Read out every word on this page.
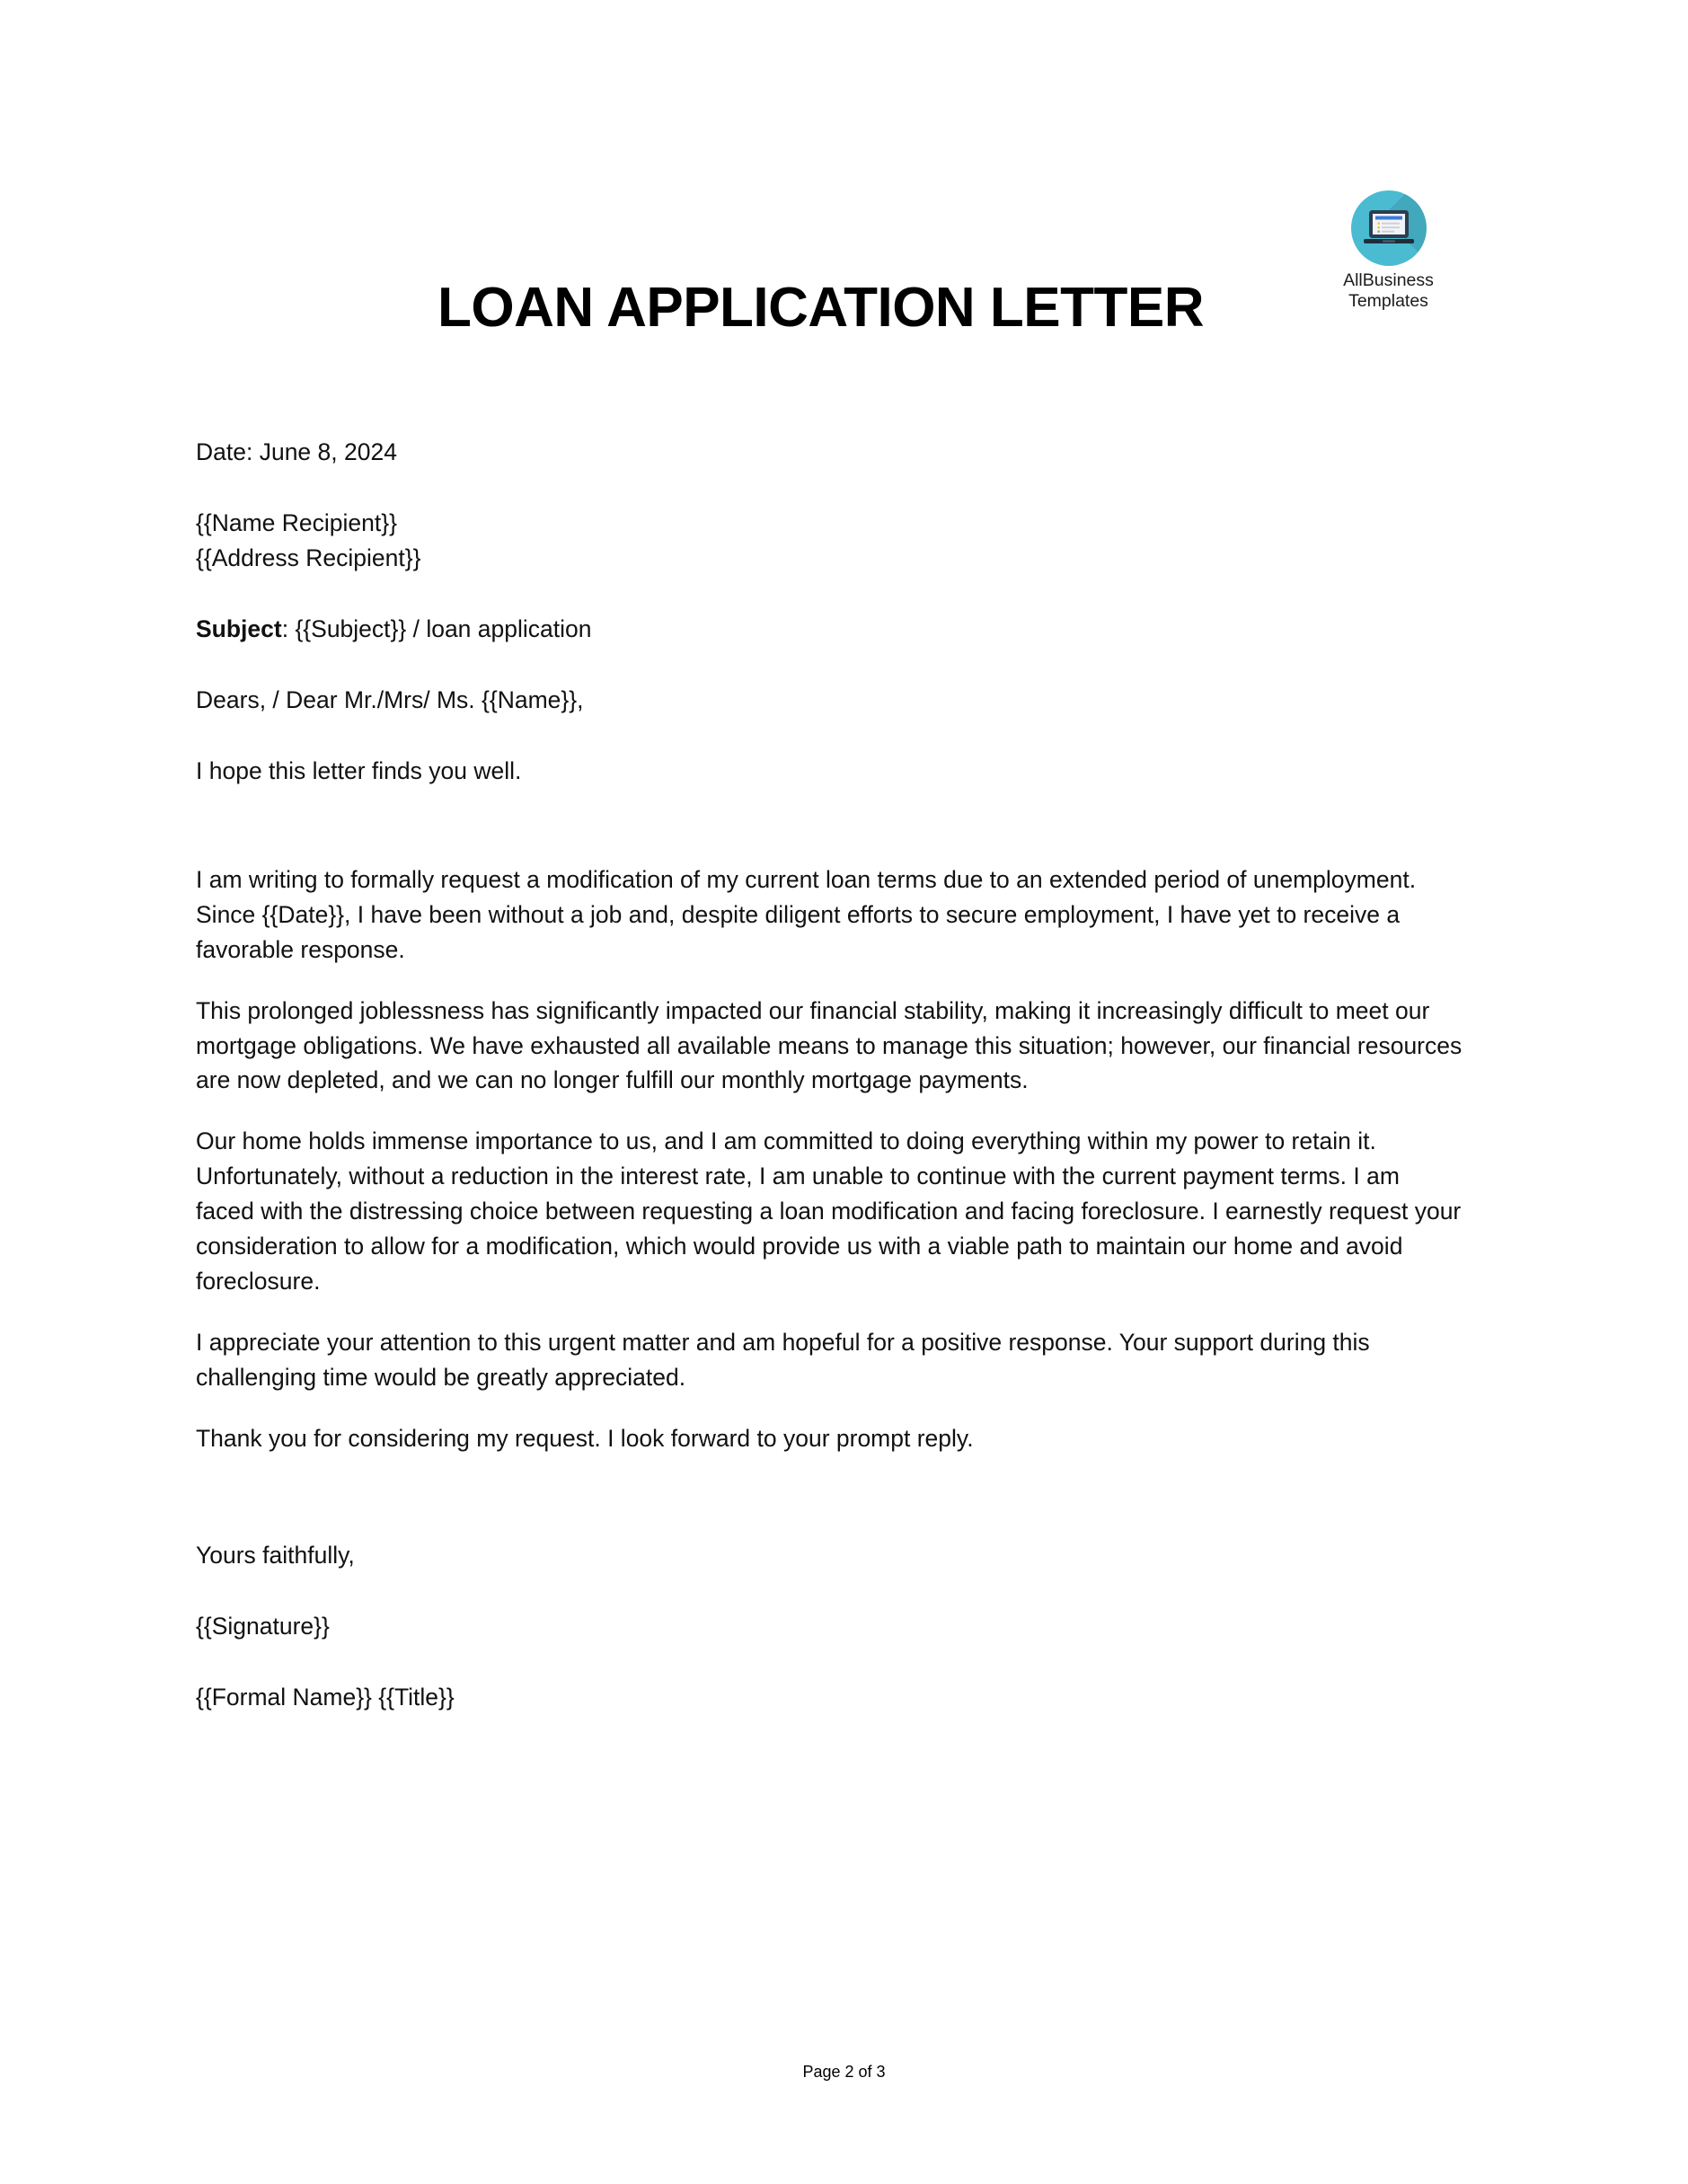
AllBusiness
Templates
LOAN APPLICATION LETTER
Date: June 8, 2024
{{Name Recipient}}
{{Address Recipient}}
Subject: {{Subject}} / loan application
Dears, / Dear Mr./Mrs/ Ms. {{Name}},
I hope this letter finds you well.

I am writing to formally request a modification of my current loan terms due to an extended period of unemployment. Since {{Date}}, I have been without a job and, despite diligent efforts to secure employment, I have yet to receive a favorable response.

This prolonged joblessness has significantly impacted our financial stability, making it increasingly difficult to meet our mortgage obligations. We have exhausted all available means to manage this situation; however, our financial resources are now depleted, and we can no longer fulfill our monthly mortgage payments.

Our home holds immense importance to us, and I am committed to doing everything within my power to retain it. Unfortunately, without a reduction in the interest rate, I am unable to continue with the current payment terms. I am faced with the distressing choice between requesting a loan modification and facing foreclosure. I earnestly request your consideration to allow for a modification, which would provide us with a viable path to maintain our home and avoid foreclosure.

I appreciate your attention to this urgent matter and am hopeful for a positive response. Your support during this challenging time would be greatly appreciated.

Thank you for considering my request. I look forward to your prompt reply.

Yours faithfully,
{{Signature}}
{{Formal Name}} {{Title}}
Page 2 of 3
